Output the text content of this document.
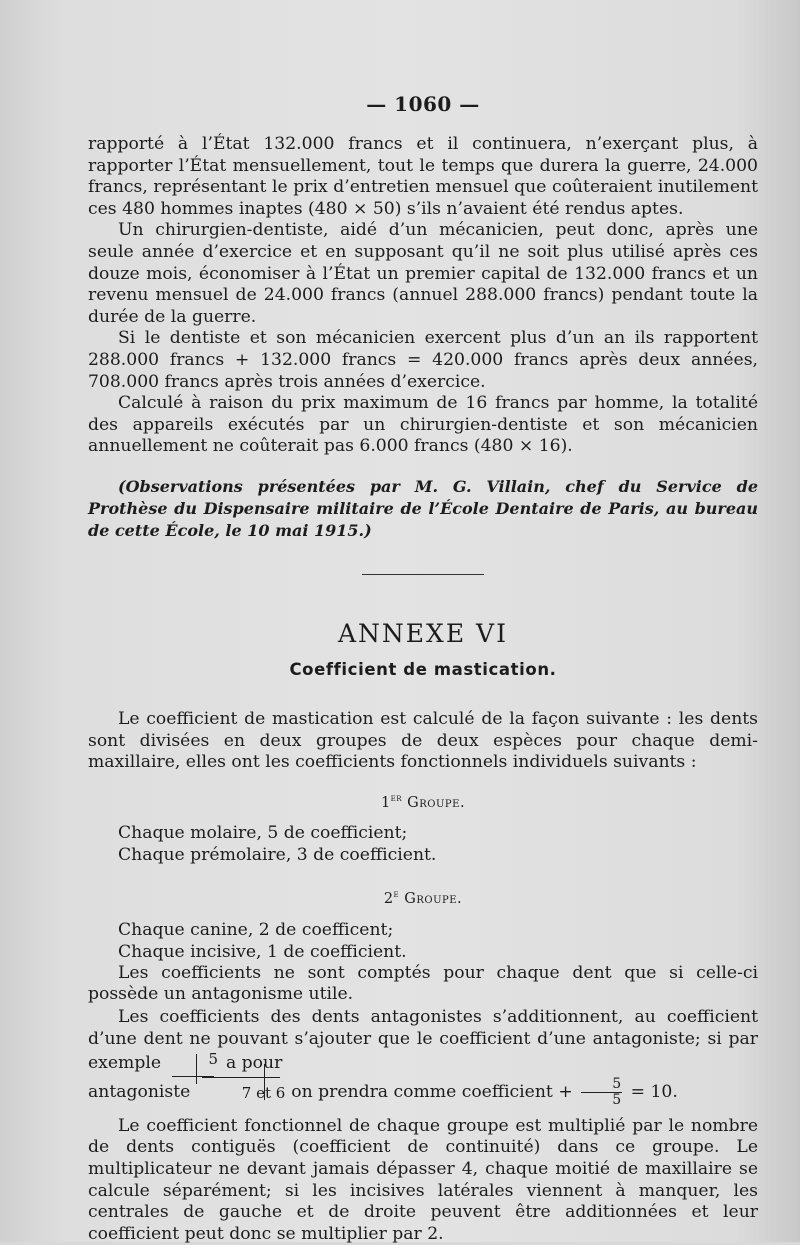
— 1060 —

rapporté à l’État 132.000 francs et il continuera, n’exerçant plus, à rapporter l’État mensuellement, tout le temps que durera la guerre, 24.000 francs, représentant le prix d’entretien mensuel que coûteraient inutilement ces 480 hommes inaptes (480 × 50) s’ils n’avaient été rendus aptes.

Un chirurgien-dentiste, aidé d’un mécanicien, peut donc, après une seule année d’exercice et en supposant qu’il ne soit plus utilisé après ces douze mois, économiser à l’État un premier capital de 132.000 francs et un revenu mensuel de 24.000 francs (annuel 288.000 francs) pendant toute la durée de la guerre.

Si le dentiste et son mécanicien exercent plus d’un an ils rapportent 288.000 francs + 132.000 francs = 420.000 francs après deux années, 708.000 francs après trois années d’exercice.

Calculé à raison du prix maximum de 16 francs par homme, la totalité des appareils exécutés par un chirurgien-dentiste et son mécanicien annuellement ne coûterait pas 6.000 francs (480 × 16).

(Observations présentées par M. G. Villain, chef du Service de Prothèse du Dispensaire militaire de l’École Dentaire de Paris, au bureau de cette École, le 10 mai 1915.)

ANNEXE VI
Coefficient de mastication.

Le coefficient de mastication est calculé de la façon suivante : les dents sont divisées en deux groupes de deux espèces pour chaque demi-maxillaire, elles ont les coefficients fonctionnels individuels suivants :

1er Groupe.
Chaque molaire, 5 de coefficient;
Chaque prémolaire, 3 de coefficient.
2e Groupe.
Chaque canine, 2 de coefficent;
Chaque incisive, 1 de coefficient.

Les coefficients ne sont comptés pour chaque dent que si celle-ci possède un antagonisme utile.

Les coefficients des dents antagonistes s’additionnent, au coefficient d’une dent ne pouvant s’ajouter que le coefficient d’une antagoniste; si par exemple	5 a pour
antagoniste	7 et 6 on prendra comme coefficient + $\frac{5}{5} = 10$.

Le coefficient fonctionnel de chaque groupe est multiplié par le nombre de dents contiguës (coefficient de continuité) dans ce groupe. Le multiplicateur ne devant jamais dépasser 4, chaque moitié de maxillaire se calcule séparément; si les incisives latérales viennent à manquer, les centrales de gauche et de droite peuvent être additionnées et leur coefficient peut donc se multiplier par 2.
